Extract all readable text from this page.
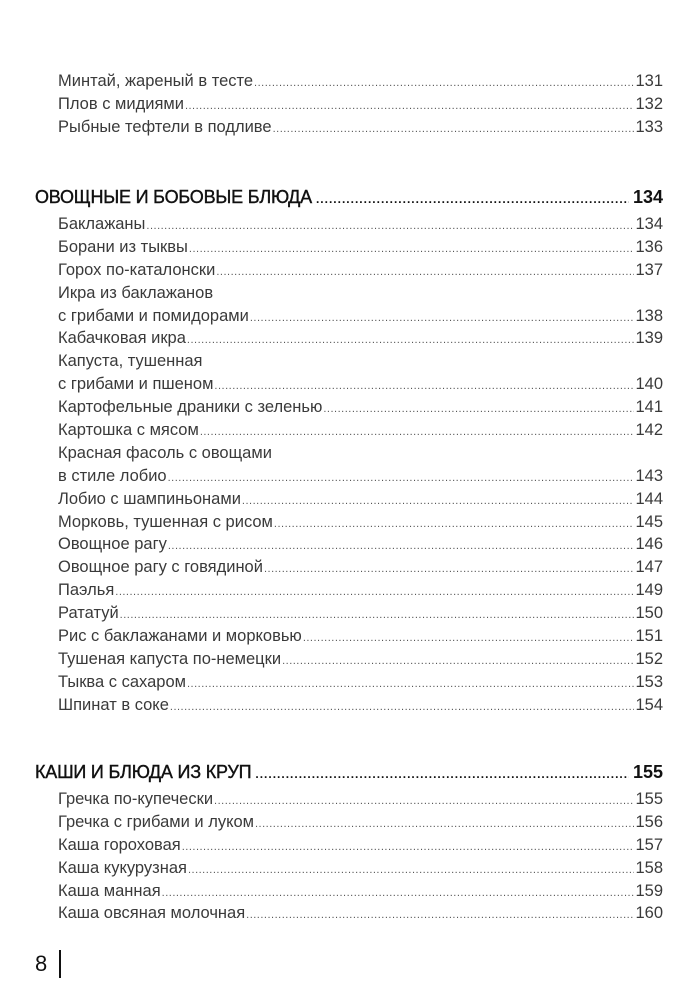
Минтай, жареный в тесте .....	131
Плов с мидиями .....	132
Рыбные тефтели в подливе .....	133
ОВОЩНЫЕ И БОБОВЫЕ БЛЮДА .....	134
Баклажаны .....	134
Борани из тыквы .....	136
Горох по-каталонски .....	137
Икра из баклажанов
с грибами и помидорами .....	138
Кабачковая икра .....	139
Капуста, тушенная
с грибами и пшеном .....	140
Картофельные драники с зеленью .....	141
Картошка с мясом .....	142
Красная фасоль с овощами
в стиле лобио .....	143
Лобио с шампиньонами .....	144
Морковь, тушенная с рисом .....	145
Овощное рагу .....	146
Овощное рагу с говядиной .....	147
Паэлья .....	149
Рататуй .....	150
Рис с баклажанами и морковью .....	151
Тушеная капуста по-немецки .....	152
Тыква с сахаром .....	153
Шпинат в соке .....	154
КАШИ И БЛЮДА ИЗ КРУП .....	155
Гречка по-купечески .....	155
Гречка с грибами и луком .....	156
Каша гороховая .....	157
Каша кукурузная .....	158
Каша манная .....	159
Каша овсяная молочная .....	160
8
